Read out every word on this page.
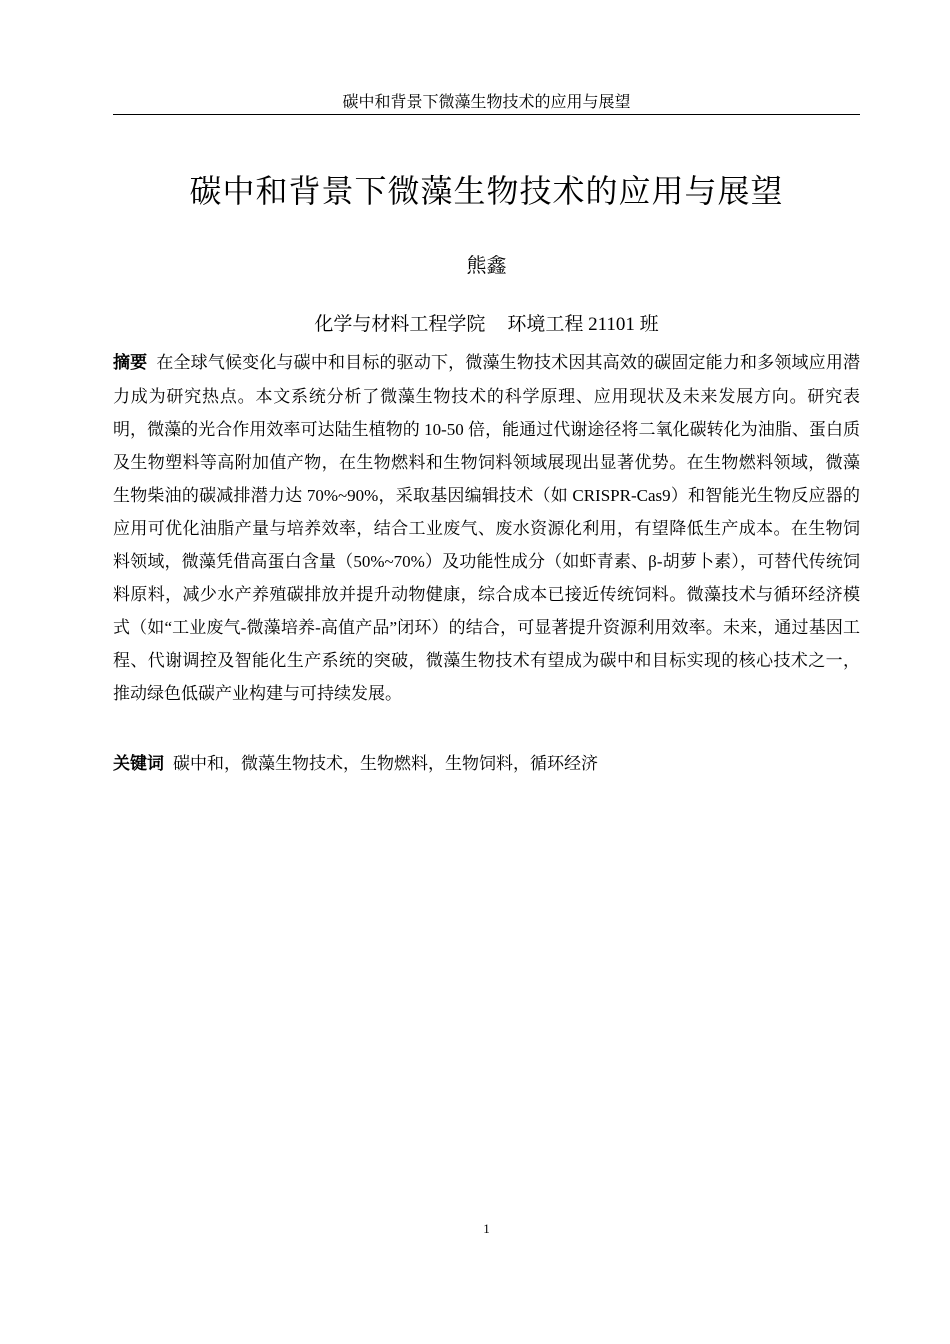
碳中和背景下微藻生物技术的应用与展望
碳中和背景下微藻生物技术的应用与展望
熊鑫
化学与材料工程学院 环境工程 21101 班
摘要 在全球气候变化与碳中和目标的驱动下，微藻生物技术因其高效的碳固定能力和多领域应用潜力成为研究热点。本文系统分析了微藻生物技术的科学原理、应用现状及未来发展方向。研究表明，微藻的光合作用效率可达陆生植物的 10-50 倍，能通过代谢途径将二氧化碳转化为油脂、蛋白质及生物塑料等高附加值产物，在生物燃料和生物饲料领域展现出显著优势。在生物燃料领域，微藻生物柴油的碳减排潜力达 70%~90%，采取基因编辑技术（如 CRISPR-Cas9）和智能光生物反应器的应用可优化油脂产量与培养效率，结合工业废气、废水资源化利用，有望降低生产成本。在生物饲料领域，微藻凭借高蛋白含量（50%~70%）及功能性成分（如虾青素、β-胡萝卜素），可替代传统饲料原料，减少水产养殖碳排放并提升动物健康，综合成本已接近传统饲料。微藻技术与循环经济模式（如“工业废气-微藻培养-高值产品”闭环）的结合，可显著提升资源利用效率。未来，通过基因工程、代谢调控及智能化生产系统的突破，微藻生物技术有望成为碳中和目标实现的核心技术之一，推动绿色低碳产业构建与可持续发展。
关键词 碳中和，微藻生物技术，生物燃料，生物饲料，循环经济
1
